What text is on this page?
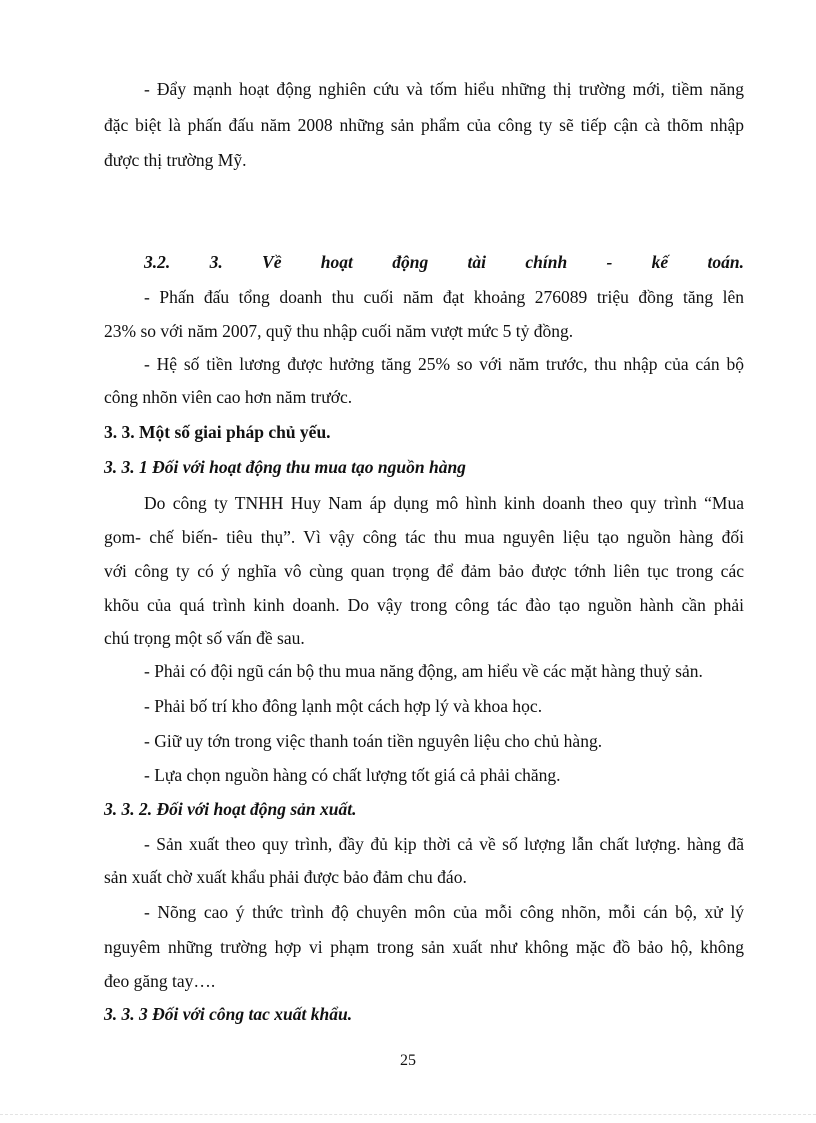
- Đẩy mạnh hoạt động nghiên cứu và tốm hiểu những thị trường mới, tiềm năng
đặc biệt là phấn đấu năm 2008 những sản phẩm của công ty sẽ tiếp cận cà thõm nhập
được thị trường Mỹ.
3.2. 3. Về hoạt động tài chính - kế toán.
- Phấn đấu tổng doanh thu cuối năm đạt khoảng 276089 triệu đồng tăng lên
23% so với năm 2007, quỹ thu nhập cuối năm vượt mức 5 tỷ đồng.
- Hệ số tiền lương được hưởng tăng 25% so với năm trước, thu nhập của cán bộ
công nhõn viên cao hơn năm trước.
3. 3. Một số giai pháp chủ yếu.
3. 3. 1 Đối với hoạt động thu mua tạo nguồn hàng
Do công ty TNHH Huy Nam áp dụng mô hình kinh doanh theo quy trình “Mua
gom- chế biến- tiêu thụ”. Vì vậy công tác thu mua nguyên liệu tạo nguồn hàng đối
với công ty có ý nghĩa vô cùng quan trọng để đảm bảo được tớnh liên tục trong các
khõu của quá trình kinh doanh. Do vậy trong công tác đào tạo nguồn hành cần phải
chú trọng một số vấn đề sau.
- Phải có đội ngũ cán bộ thu mua năng động, am hiểu về các mặt hàng thuỷ sản.
- Phải bố trí kho đông lạnh một cách hợp lý và khoa học.
- Giữ uy tớn trong việc thanh toán tiền nguyên liệu cho chủ hàng.
- Lựa chọn nguồn hàng có chất lượng tốt giá cả phải chăng.
3. 3. 2. Đối với hoạt động sản xuất.
- Sản xuất theo quy trình, đầy đủ kịp thời cả về số lượng lẫn chất lượng. hàng đã
sản xuất chờ xuất khẩu phải được bảo đảm chu đáo.
- Nõng cao ý thức trình độ chuyên môn của mỗi công nhõn, mỗi cán bộ, xử lý
nguyêm những trường hợp vi phạm trong sản xuất như không mặc đồ bảo hộ, không
đeo găng tay….
3. 3. 3 Đối với công tac xuất khẩu.
25
